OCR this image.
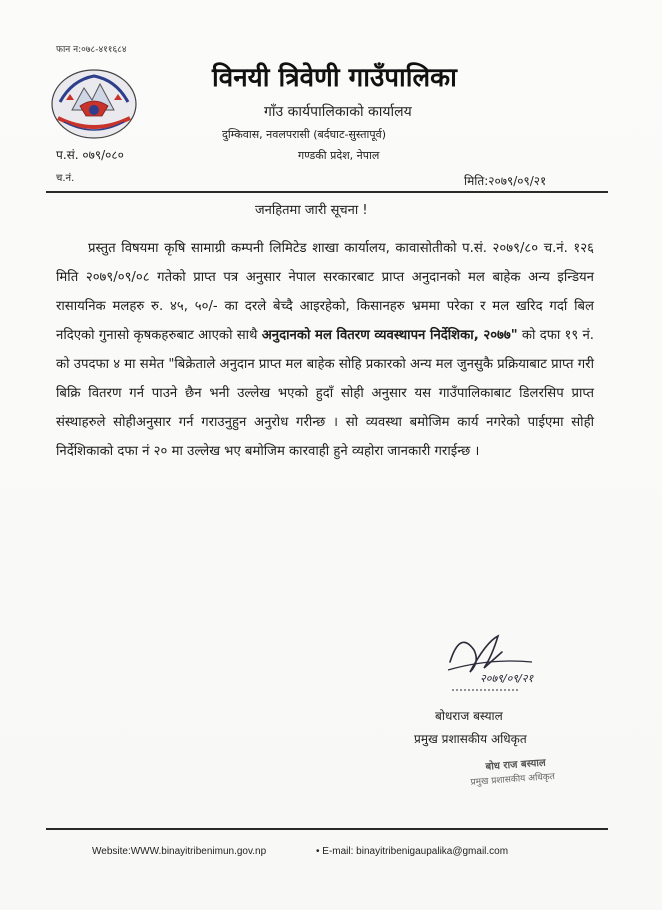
फान न:०७८-४११६८४
विनयी त्रिवेणी गाउँपालिका
गाँउ कार्यपालिकाको कार्यालय
दुम्किवास, नवलपरासी (बर्दघाट-सुस्तापूर्व)
गण्डकी प्रदेश, नेपाल
प.सं. ०७९/०८०
च.नं.	मिति:२०७९/०९/२१
जनहितमा जारी सूचना !
प्रस्तुत विषयमा कृषि सामाग्री कम्पनी लिमिटेड शाखा कार्यालय, कावासोतीको प.सं. २०७९/८० च.नं. १२६ मिति २०७९/०९/०८ गतेको प्राप्त पत्र अनुसार नेपाल सरकारबाट प्राप्त अनुदानको मल बाहेक अन्य इन्डियन रासायनिक मलहरु रु. ४५, ५०/- का दरले बेच्दै आइरहेको, किसानहरु भ्रममा परेका र मल खरिद गर्दा बिल नदिएको गुनासो कृषकहरुबाट आएको साथै अनुदानको मल वितरण व्यवस्थापन निर्देशिका, २०७७" को दफा १९ नं. को उपदफा ४ मा समेत "बिक्रेताले अनुदान प्राप्त मल बाहेक सोहि प्रकारको अन्य मल जुनसुकै प्रक्रियाबाट प्राप्त गरी बिक्रि वितरण गर्न पाउने छैन भनी उल्लेख भएको हुदाँ सोही अनुसार यस गाउँपालिकाबाट डिलरसिप प्राप्त संस्थाहरुले सोहीअनुसार गर्न गराउनुहुन अनुरोध गरीन्छ । सो व्यवस्था बमोजिम कार्य नगरेको पाईएमा सोही निर्देशिकाको दफा नं २० मा उल्लेख भए बमोजिम कारवाही हुने व्यहोरा जानकारी गराईन्छ ।
२०७९/०९/२१
बोधराज बस्याल
प्रमुख प्रशासकीय अधिकृत
बोध राज बस्याल
प्रमुख प्रशासकीय अधिकृत
Website:WWW.binayitribenimun.gov.np	• E-mail: binayitribenigaupalika@gmail.com
